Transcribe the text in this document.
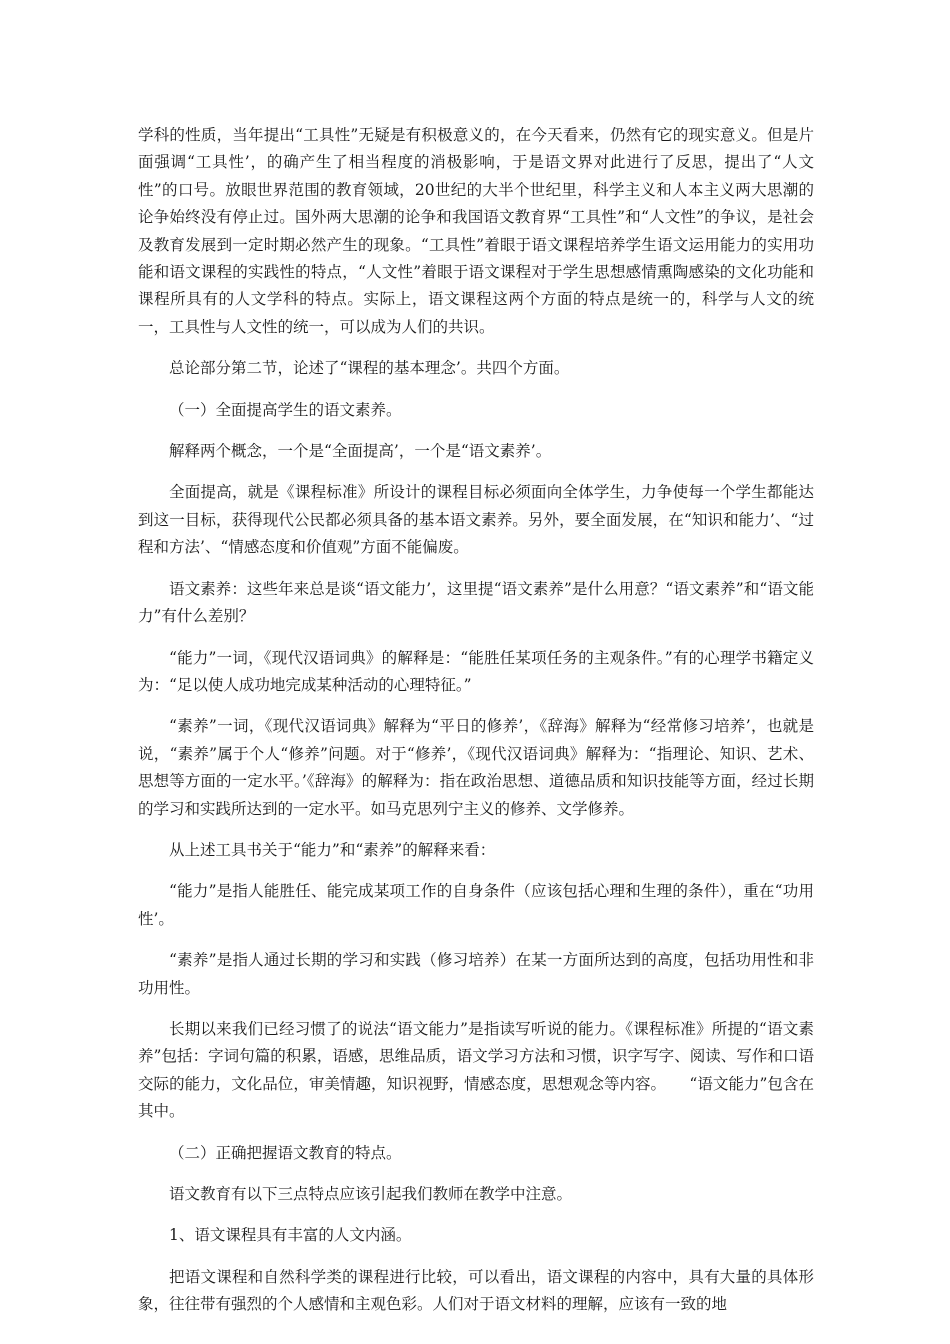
学科的性质，当年提出“工具性”无疑是有积极意义的，在今天看来，仍然有它的现实意义。但是片面强调“工具性’，的确产生了相当程度的消极影响，于是语文界对此进行了反思，提出了“人文性”的口号。放眼世界范围的教育领域，20世纪的大半个世纪里，科学主义和人本主义两大思潮的论争始终没有停止过。国外两大思潮的论争和我国语文教育界“工具性”和“人文性”的争议，是社会及教育发展到一定时期必然产生的现象。“工具性”着眼于语文课程培养学生语文运用能力的实用功能和语文课程的实践性的特点，“人文性”着眼于语文课程对于学生思想感情熏陶感染的文化功能和课程所具有的人文学科的特点。实际上，语文课程这两个方面的特点是统一的，科学与人文的统一，工具性与人文性的统一，可以成为人们的共识。

总论部分第二节，论述了“课程的基本理念’。共四个方面。

（一）全面提高学生的语文素养。

解释两个概念，一个是“全面提高’，一个是“语文素养’。

全面提高，就是《课程标准》所设计的课程目标必须面向全体学生，力争使每一个学生都能达到这一目标，获得现代公民都必须具备的基本语文素养。另外，要全面发展，在“知识和能力’、“过程和方法’、“情感态度和价值观”方面不能偏废。

语文素养：这些年来总是谈“语文能力’，这里提“语文素养”是什么用意？“语文素养”和“语文能力”有什么差别？

“能力”一词，《现代汉语词典》的解释是：“能胜任某项任务的主观条件。”有的心理学书籍定义为：“足以使人成功地完成某种活动的心理特征。”

“素养”一词，《现代汉语词典》解释为“平日的修养’，《辞海》解释为“经常修习培养’，也就是说，“素养”属于个人“修养”问题。对于“修养’，《现代汉语词典》解释为：“指理论、知识、艺术、思想等方面的一定水平。’《辞海》的解释为：指在政治思想、道德品质和知识技能等方面，经过长期的学习和实践所达到的一定水平。如马克思列宁主义的修养、文学修养。

从上述工具书关于“能力”和“素养”的解释来看：

“能力”是指人能胜任、能完成某项工作的自身条件（应该包括心理和生理的条件），重在“功用性’。

“素养”是指人通过长期的学习和实践（修习培养）在某一方面所达到的高度，包括功用性和非功用性。

长期以来我们已经习惯了的说法“语文能力”是指读写听说的能力。《课程标准》所提的“语文素养”包括：字词句篇的积累，语感，思维品质，语文学习方法和习惯，识字写字、阅读、写作和口语交际的能力，文化品位，审美情趣，知识视野，情感态度，思想观念等内容。　　“语文能力”包含在其中。

（二）正确把握语文教育的特点。

语文教育有以下三点特点应该引起我们教师在教学中注意。

1、语文课程具有丰富的人文内涵。

把语文课程和自然科学类的课程进行比较，可以看出，语文课程的内容中，具有大量的具体形象，往往带有强烈的个人感情和主观色彩。人们对于语文材料的理解，应该有一致的地
